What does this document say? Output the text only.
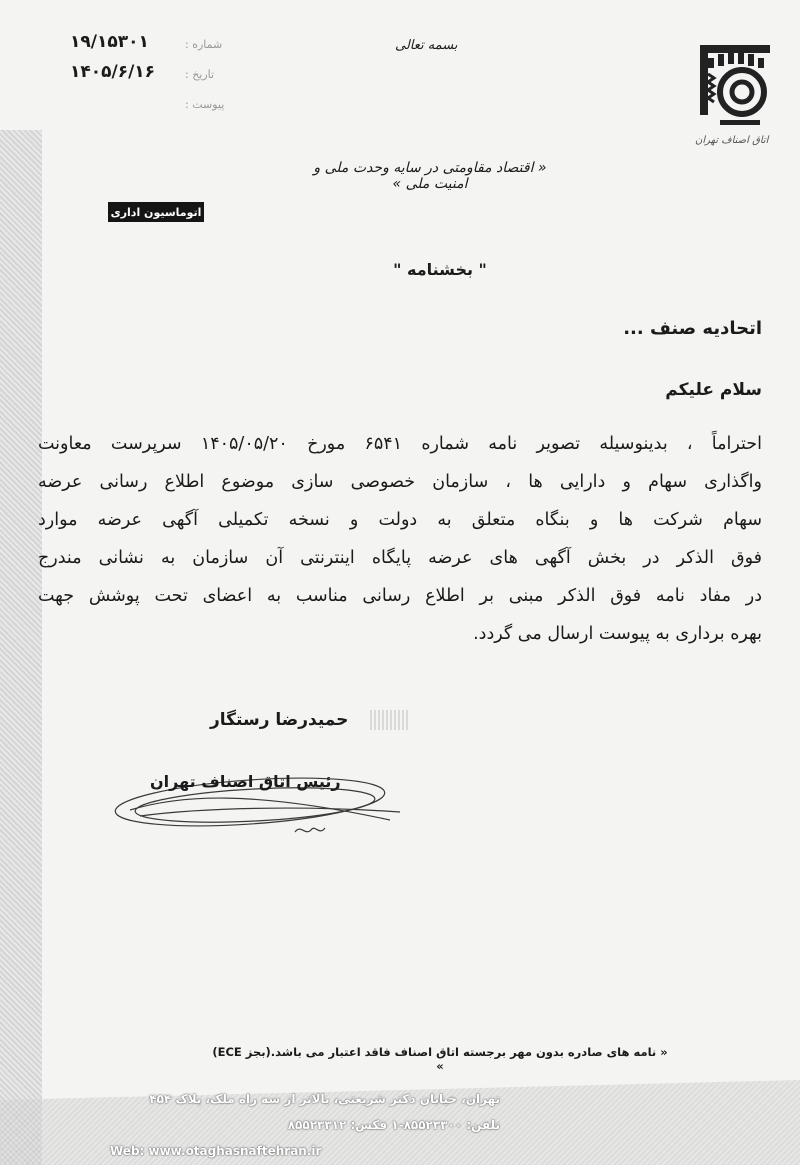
۱۹/۱۵۳۰۱	شماره :
۱۴۰۵/۶/۱۶	تاریخ :
پیوست :
بسمه تعالی
اتاق اصناف تهران
« اقتصاد مقاومتی در سایه وحدت ملی و امنیت ملی »
اتوماسیون اداری
" بخشنامه "
اتحادیه صنف ...
سلام علیکم
احتراماً ، بدینوسیله تصویر نامه شماره ۶۵۴۱ مورخ ۱۴۰۵/۰۵/۲۰ سرپرست معاونت
واگذاری سهام و دارایی ها ، سازمان خصوصی سازی موضوع اطلاع رسانی عرضه
سهام شرکت ها و بنگاه متعلق به دولت و نسخه تکمیلی آگهی عرضه موارد
فوق الذکر در بخش آگهی های عرضه پایگاه اینترنتی آن سازمان به نشانی مندرج
در مفاد نامه فوق الذکر مبنی بر اطلاع رسانی مناسب به اعضای تحت پوشش جهت
بهره برداری به پیوست ارسال می گردد.
حمیدرضا رستگار
رئیس اتاق اصناف تهران
« نامه های صادره بدون مهر برجسته اتاق اصناف فاقد اعتبار می باشد.(بجز ECE) »
تهران، خیابان دکتر شریعتی، بالاتر از سه راه ملک، پلاک ۴۵۴
تلفن: ۸۵۵۲۳۳۰۰-۱ فکس: ۸۵۵۲۳۳۱۲
Web: www.otaghasnaftehran.ir
